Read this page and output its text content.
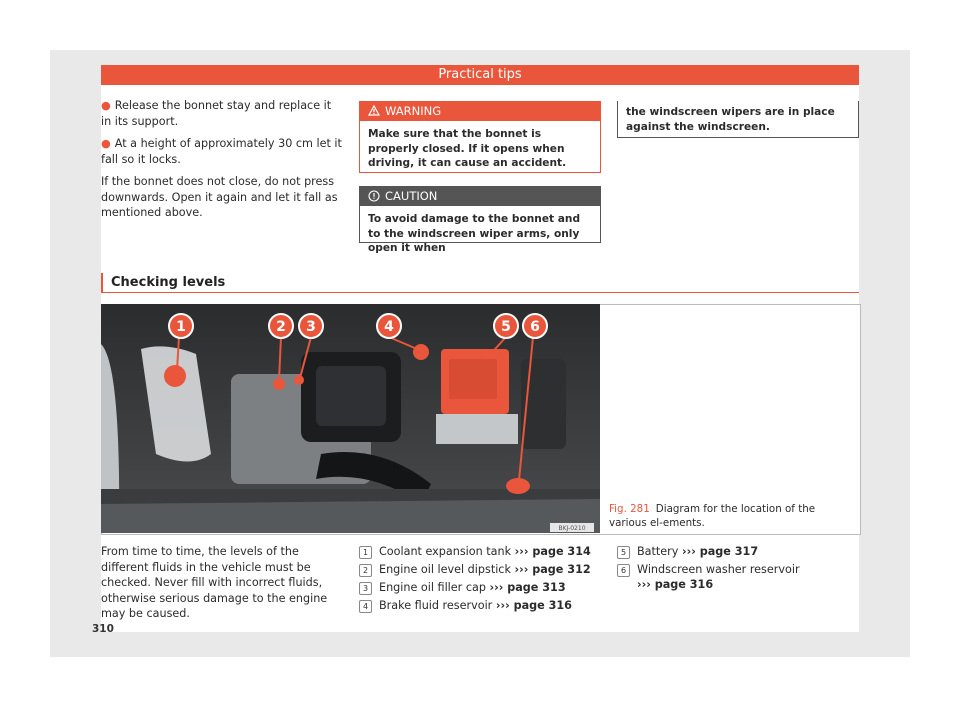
Practical tips

● Release the bonnet stay and replace it in its support.

● At a height of approximately 30 cm let it fall so it locks.

If the bonnet does not close, do not press downwards. Open it again and let it fall as mentioned above.

WARNING
Make sure that the bonnet is properly closed. If it opens when driving, it can cause an accident.
CAUTION
To avoid damage to the bonnet and to the windscreen wiper arms, only open it when
the windscreen wipers are in place against the windscreen.
Checking levels
1	2 3	4	5 6
BKJ-0210
Fig. 281 Diagram for the location of the various el-ements.
From time to time, the levels of the different fluids in the vehicle must be checked. Never fill with incorrect fluids, otherwise serious damage to the engine may be caused.
1 Coolant expansion tank ››› page 314
2 Engine oil level dipstick ››› page 312
3 Engine oil filler cap ››› page 313
4 Brake fluid reservoir ››› page 316
5 Battery ››› page 317
6 Windscreen washer reservoir
››› page 316
310
